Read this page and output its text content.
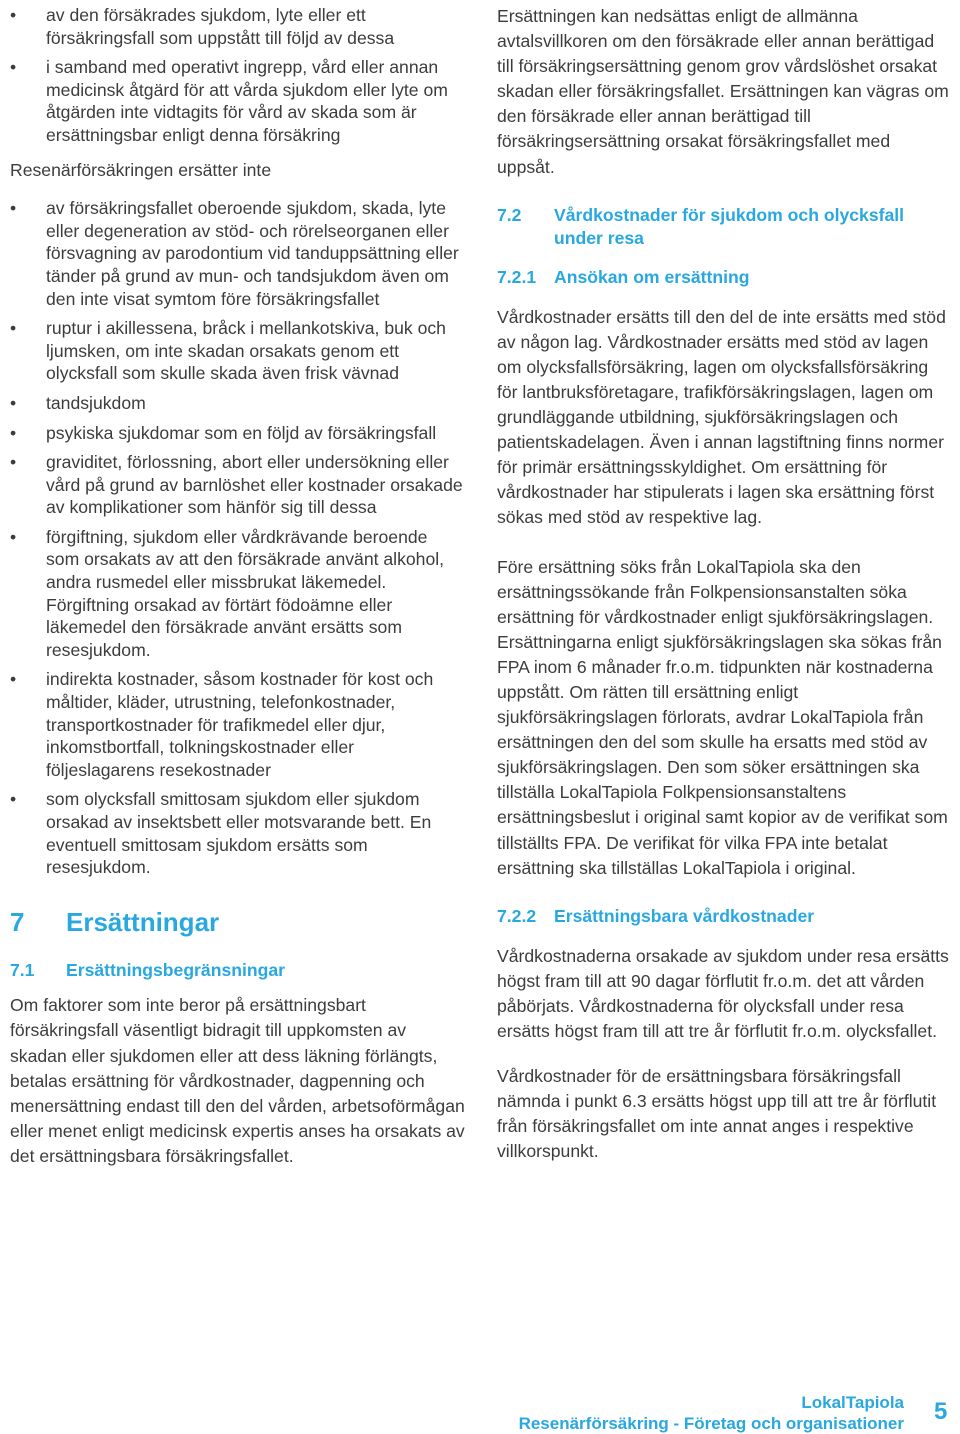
• av den försäkrades sjukdom, lyte eller ett försäkringsfall som uppstått till följd av dessa
• i samband med operativt ingrepp, vård eller annan medicinsk åtgärd för att vårda sjukdom eller lyte om åtgärden inte vidtagits för vård av skada som är ersättningsbar enligt denna försäkring

Resenärförsäkringen ersätter inte

• av försäkringsfallet oberoende sjukdom, skada, lyte eller degeneration av stöd- och rörelseorganen eller försvagning av parodontium vid tanduppsättning eller tänder på grund av mun- och tandsjukdom även om den inte visat symtom före försäkringsfallet
• ruptur i akillessena, bråck i mellankotskiva, buk och ljumsken, om inte skadan orsakats genom ett olycksfall som skulle skada även frisk vävnad
• tandsjukdom
• psykiska sjukdomar som en följd av försäkringsfall
• graviditet, förlossning, abort eller undersökning eller vård på grund av barnlöshet eller kostnader orsakade av komplikationer som hänför sig till dessa
• förgiftning, sjukdom eller vårdkrävande beroende som orsakats av att den försäkrade använt alkohol, andra rusmedel eller missbrukat läkemedel. Förgiftning orsakad av förtärt födoämne eller läkemedel den försäkrade använt ersätts som resesjukdom.
• indirekta kostnader, såsom kostnader för kost och måltider, kläder, utrustning, telefonkostnader, transportkostnader för trafikmedel eller djur, inkomstbortfall, tolkningskostnader eller följeslagarens resekostnader
• som olycksfall smittosam sjukdom eller sjukdom orsakad av insektsbett eller motsvarande bett. En eventuell smittosam sjukdom ersätts som resesjukdom.
7	Ersättningar
7.1	Ersättningsbegränsningar

Om faktorer som inte beror på ersättningsbart försäkringsfall väsentligt bidragit till uppkomsten av skadan eller sjukdomen eller att dess läkning förlängts, betalas ersättning för vårdkostnader, dagpenning och menersättning endast till den del vården, arbetsoförmågan eller menet enligt medicinsk expertis anses ha orsakats av det ersättningsbara försäkringsfallet.

Ersättningen kan nedsättas enligt de allmänna avtalsvillkoren om den försäkrade eller annan berättigad till försäkringsersättning genom grov vårdslöshet orsakat skadan eller försäkringsfallet. Ersättningen kan vägras om den försäkrade eller annan berättigad till försäkringsersättning orsakat försäkringsfallet med uppsåt.

7.2	Vårdkostnader för sjukdom och olycksfall under resa
7.2.1	Ansökan om ersättning

Vårdkostnader ersätts till den del de inte ersätts med stöd av någon lag. Vårdkostnader ersätts med stöd av lagen om olycksfallsförsäkring, lagen om olycksfallsförsäkring för lantbruksföretagare, trafikförsäkringslagen, lagen om grundläggande utbildning, sjukförsäkringslagen och patientskadelagen. Även i annan lagstiftning finns normer för primär ersättningsskyldighet. Om ersättning för vårdkostnader har stipulerats i lagen ska ersättning först sökas med stöd av respektive lag.

Före ersättning söks från LokalTapiola ska den ersättningssökande från Folkpensionsanstalten söka ersättning för vårdkostnader enligt sjukförsäkringslagen. Ersättningarna enligt sjukförsäkringslagen ska sökas från FPA inom 6 månader fr.o.m. tidpunkten när kostnaderna uppstått. Om rätten till ersättning enligt sjukförsäkringslagen förlorats, avdrar LokalTapiola från ersättningen den del som skulle ha ersatts med stöd av sjukförsäkringslagen. Den som söker ersättningen ska tillställa LokalTapiola Folkpensionsanstaltens ersättningsbeslut i original samt kopior av de verifikat som tillställts FPA. De verifikat för vilka FPA inte betalat ersättning ska tillställas LokalTapiola i original.

7.2.2	Ersättningsbara vårdkostnader

Vårdkostnaderna orsakade av sjukdom under resa ersätts högst fram till att 90 dagar förflutit fr.o.m. det att vården påbörjats. Vårdkostnaderna för olycksfall under resa ersätts högst fram till att tre år förflutit fr.o.m. olycksfallet.

Vårdkostnader för de ersättningsbara försäkringsfall nämnda i punkt 6.3 ersätts högst upp till att tre år förflutit från försäkringsfallet om inte annat anges i respektive villkorspunkt.

LokalTapiola
Resenärförsäkring - Företag och organisationer 5
